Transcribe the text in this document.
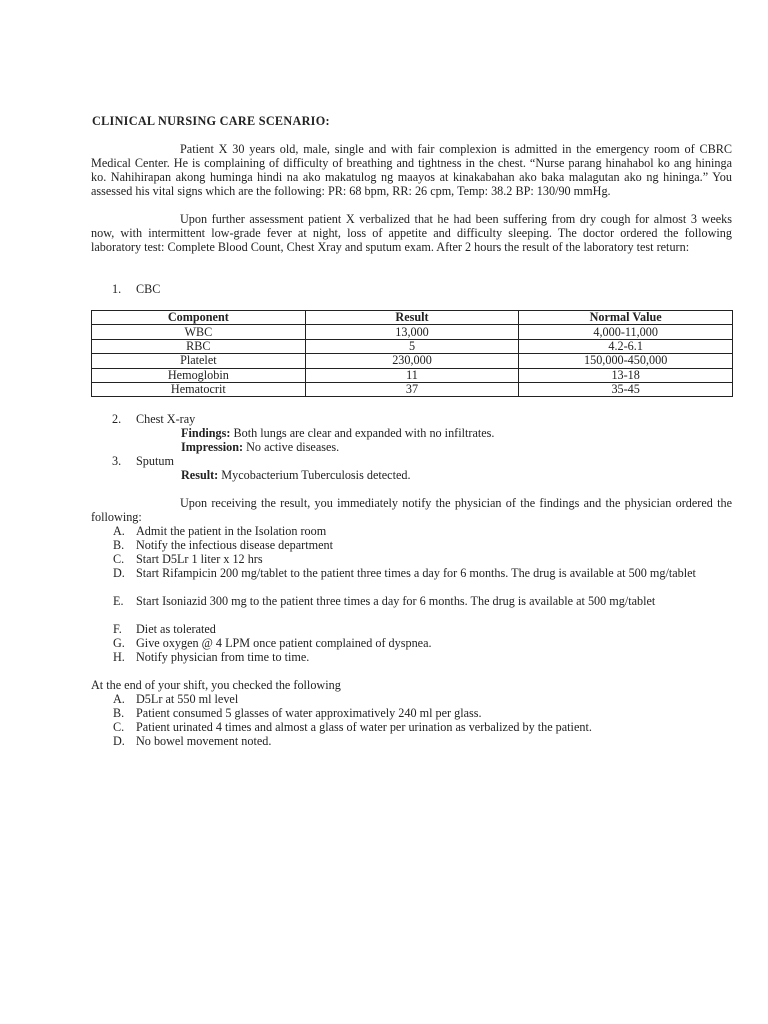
CLINICAL NURSING CARE SCENARIO:
Patient X 30 years old, male, single and with fair complexion is admitted in the emergency room of CBRC Medical Center. He is complaining of difficulty of breathing and tightness in the chest. “Nurse parang hinahabol ko ang hininga ko. Nahihirapan akong huminga hindi na ako makatulog ng maayos at kinakabahan ako baka malagutan ako ng hininga.” You assessed his vital signs which are the following: PR: 68 bpm, RR: 26 cpm, Temp: 38.2 BP: 130/90 mmHg.
Upon further assessment patient X verbalized that he had been suffering from dry cough for almost 3 weeks now, with intermittent low-grade fever at night, loss of appetite and difficulty sleeping. The doctor ordered the following laboratory test: Complete Blood Count, Chest Xray and sputum exam. After 2 hours the result of the laboratory test return:
1. CBC
Component	Result	Normal Value
WBC	13,000	4,000-11,000
RBC	5	4.2-6.1
Platelet	230,000	150,000-450,000
Hemoglobin	11	13-18
Hematocrit	37	35-45
2. Chest X-ray
Findings: Both lungs are clear and expanded with no infiltrates.
Impression: No active diseases.
3. Sputum
Result: Mycobacterium Tuberculosis detected.
Upon receiving the result, you immediately notify the physician of the findings and the physician ordered the following:
A. Admit the patient in the Isolation room
B. Notify the infectious disease department
C. Start D5Lr 1 liter x 12 hrs
D. Start Rifampicin 200 mg/tablet to the patient three times a day for 6 months. The drug is available at 500 mg/tablet
E. Start Isoniazid 300 mg to the patient three times a day for 6 months. The drug is available at 500 mg/tablet
F. Diet as tolerated
G. Give oxygen @ 4 LPM once patient complained of dyspnea.
H. Notify physician from time to time.
At the end of your shift, you checked the following
A. D5Lr at 550 ml level
B. Patient consumed 5 glasses of water approximatively 240 ml per glass.
C. Patient urinated 4 times and almost a glass of water per urination as verbalized by the patient.
D. No bowel movement noted.
